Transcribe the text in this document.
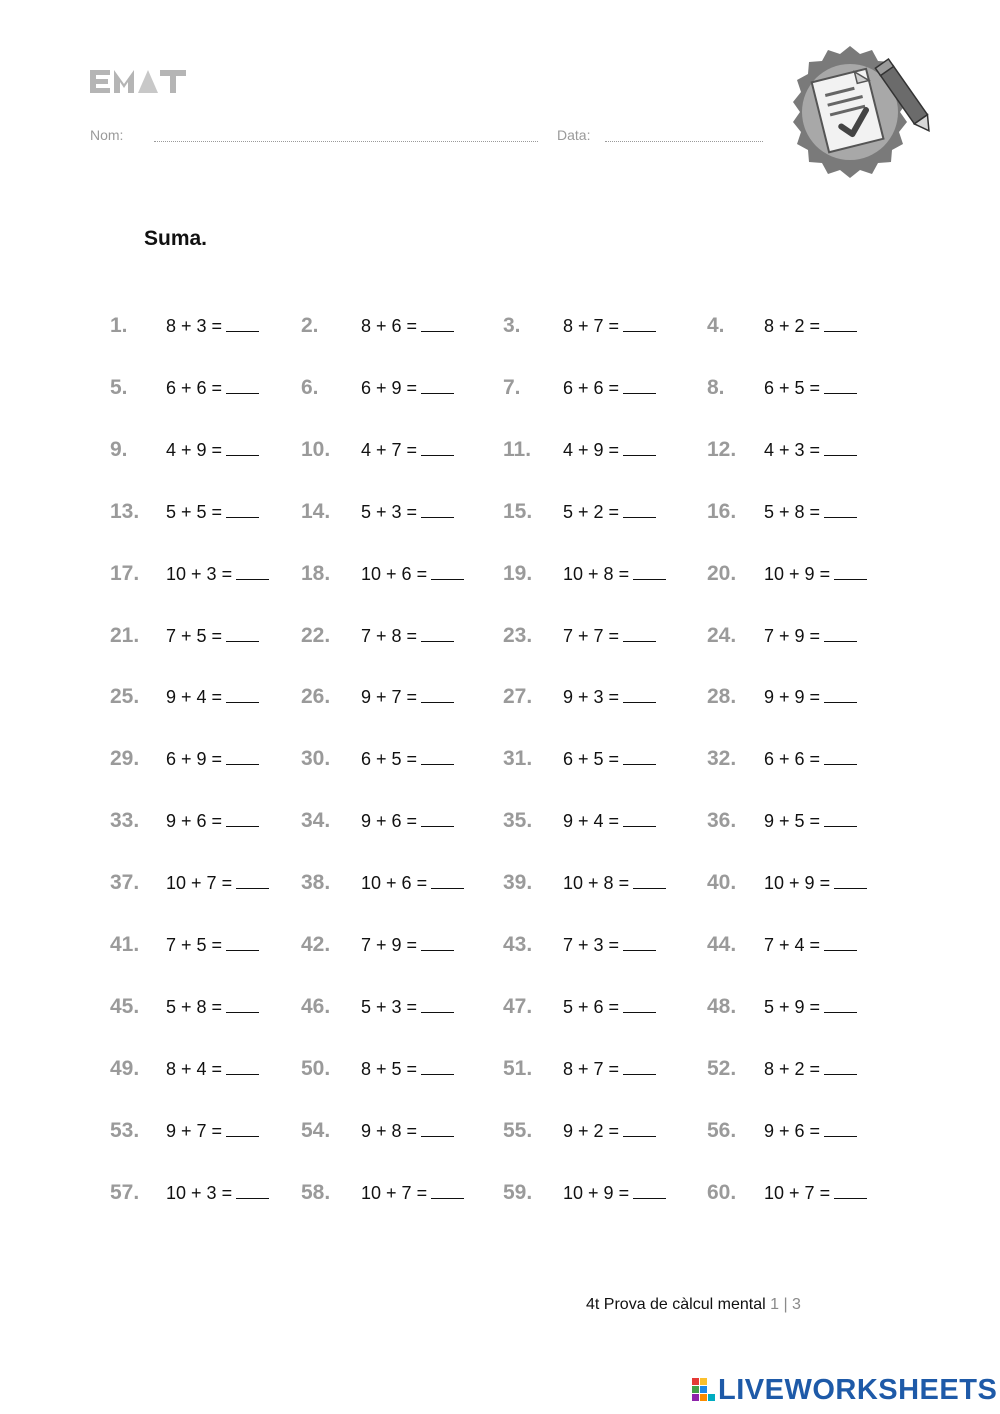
Nom:	Data:
Suma.
1. 8 + 3 =	2. 8 + 6 =	3. 8 + 7 =	4. 8 + 2 =
5. 6 + 6 =	6. 6 + 9 =	7. 6 + 6 =	8. 6 + 5 =
9. 4 + 9 =	10. 4 + 7 =	11. 4 + 9 =	12. 4 + 3 =
13. 5 + 5 =	14. 5 + 3 =	15. 5 + 2 =	16. 5 + 8 =
17. 10 + 3 =	18. 10 + 6 =	19. 10 + 8 =	20. 10 + 9 =
21. 7 + 5 =	22. 7 + 8 =	23. 7 + 7 =	24. 7 + 9 =
25. 9 + 4 =	26. 9 + 7 =	27. 9 + 3 =	28. 9 + 9 =
29. 6 + 9 =	30. 6 + 5 =	31. 6 + 5 =	32. 6 + 6 =
33. 9 + 6 =	34. 9 + 6 =	35. 9 + 4 =	36. 9 + 5 =
37. 10 + 7 =	38. 10 + 6 =	39. 10 + 8 =	40. 10 + 9 =
41. 7 + 5 =	42. 7 + 9 =	43. 7 + 3 =	44. 7 + 4 =
45. 5 + 8 =	46. 5 + 3 =	47. 5 + 6 =	48. 5 + 9 =
49. 8 + 4 =	50. 8 + 5 =	51. 8 + 7 =	52. 8 + 2 =
53. 9 + 7 =	54. 9 + 8 =	55. 9 + 2 =	56. 9 + 6 =
57. 10 + 3 =	58. 10 + 7 =	59. 10 + 9 =	60. 10 + 7 =
4t Prova de càlcul mental 1 | 3
LIVEWORKSHEETS
